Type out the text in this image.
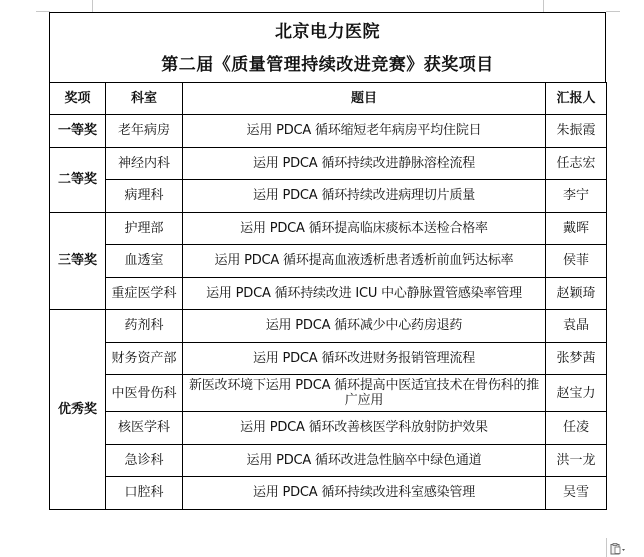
北京电力医院
第二届《质量管理持续改进竞赛》获奖项目
奖项	科室	题目	汇报人
一等奖	老年病房	运用 PDCA 循环缩短老年病房平均住院日	朱振霞
二等奖	神经内科	运用 PDCA 循环持续改进静脉溶栓流程	任志宏
	病理科	运用 PDCA 循环持续改进病理切片质量	李宁
三等奖	护理部	运用 PDCA 循环提高临床痰标本送检合格率	戴晖
	血透室	运用 PDCA 循环提高血液透析患者透析前血钙达标率	侯菲
	重症医学科	运用 PDCA 循环持续改进 ICU 中心静脉置管感染率管理	赵颖琦
优秀奖	药剂科	运用 PDCA 循环减少中心药房退药	袁晶
	财务资产部	运用 PDCA 循环改进财务报销管理流程	张梦茜
	中医骨伤科	新医改环境下运用 PDCA 循环提高中医适宜技术在骨伤科的推广应用	赵宝力
	核医学科	运用 PDCA 循环改善核医学科放射防护效果	任凌
	急诊科	运用 PDCA 循环改进急性脑卒中绿色通道	洪一龙
	口腔科	运用 PDCA 循环持续改进科室感染管理	吴雪
